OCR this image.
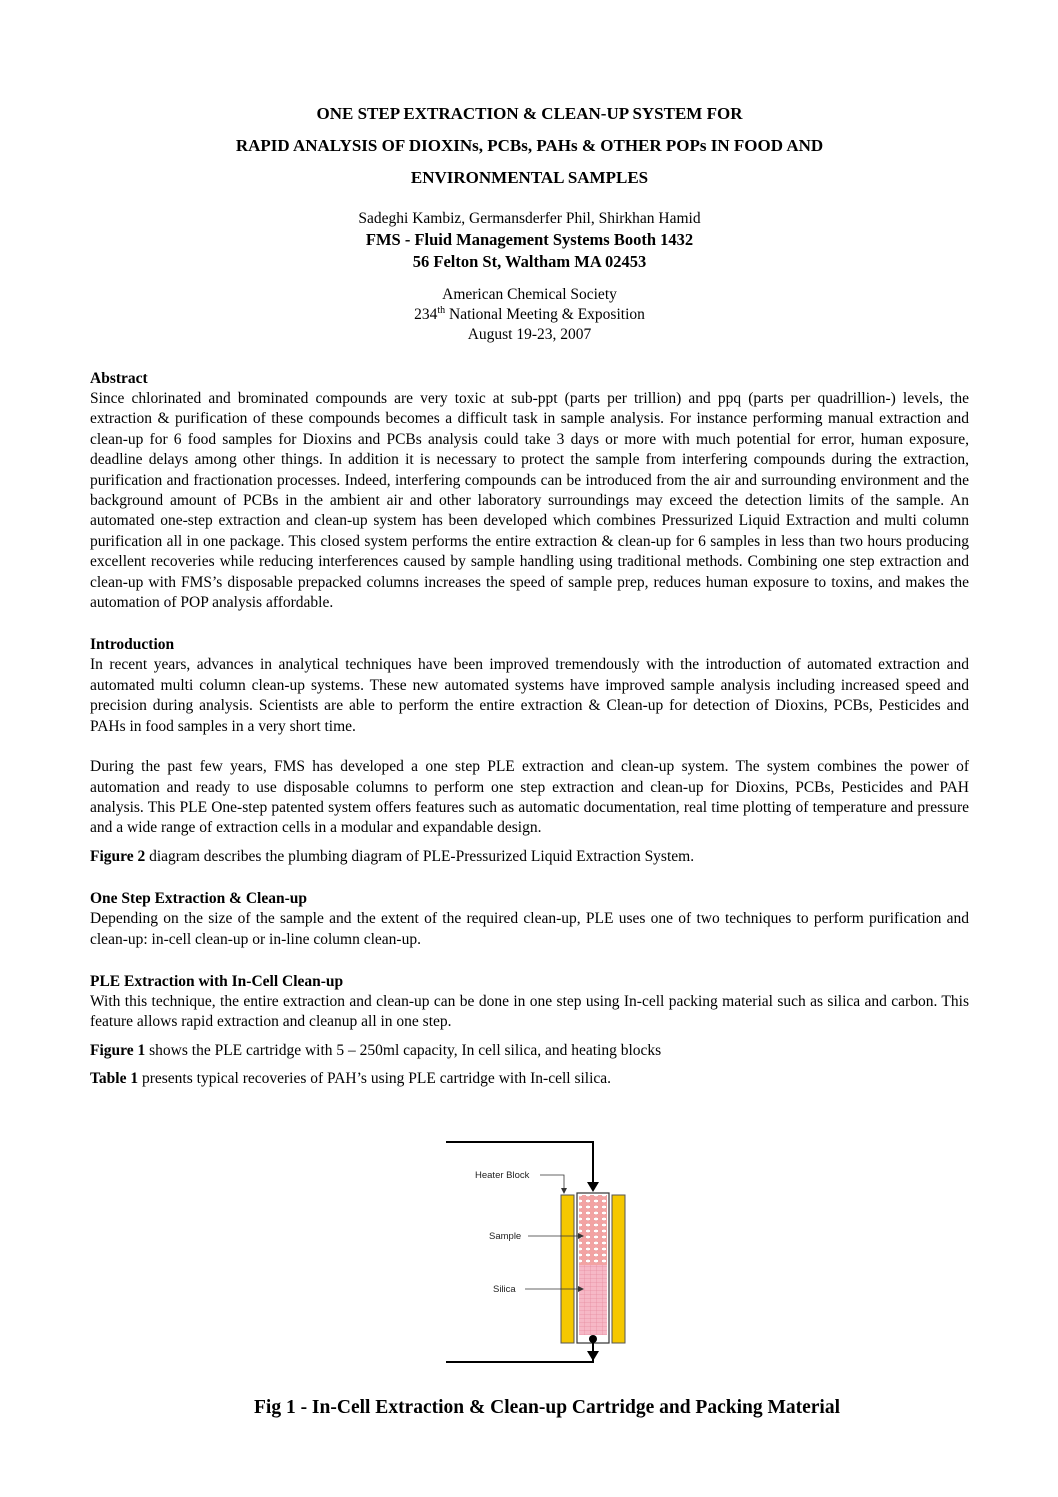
ONE STEP EXTRACTION & CLEAN-UP SYSTEM FOR

RAPID ANALYSIS OF DIOXINs, PCBs, PAHs & OTHER POPs IN FOOD AND

ENVIRONMENTAL SAMPLES

Sadeghi Kambiz, Germansderfer Phil, Shirkhan Hamid
FMS - Fluid Management Systems Booth 1432
56 Felton St, Waltham MA 02453
American Chemical Society
234th National Meeting & Exposition
August 19-23, 2007
Abstract

Since chlorinated and brominated compounds are very toxic at sub-ppt (parts per trillion) and ppq (parts per quadrillion-) levels, the extraction & purification of these compounds becomes a difficult task in sample analysis. For instance performing manual extraction and clean-up for 6 food samples for Dioxins and PCBs analysis could take 3 days or more with much potential for error, human exposure, deadline delays among other things. In addition it is necessary to protect the sample from interfering compounds during the extraction, purification and fractionation processes. Indeed, interfering compounds can be introduced from the air and surrounding environment and the background amount of PCBs in the ambient air and other laboratory surroundings may exceed the detection limits of the sample. An automated one-step extraction and clean-up system has been developed which combines Pressurized Liquid Extraction and multi column purification all in one package. This closed system performs the entire extraction & clean-up for 6 samples in less than two hours producing excellent recoveries while reducing interferences caused by sample handling using traditional methods. Combining one step extraction and clean-up with FMS’s disposable prepacked columns increases the speed of sample prep, reduces human exposure to toxins, and makes the automation of POP analysis affordable.

Introduction

In recent years, advances in analytical techniques have been improved tremendously with the introduction of automated extraction and automated multi column clean-up systems. These new automated systems have improved sample analysis including increased speed and precision during analysis. Scientists are able to perform the entire extraction & Clean-up for detection of Dioxins, PCBs, Pesticides and PAHs in food samples in a very short time.

During the past few years, FMS has developed a one step PLE extraction and clean-up system. The system combines the power of automation and ready to use disposable columns to perform one step extraction and clean-up for Dioxins, PCBs, Pesticides and PAH analysis. This PLE One-step patented system offers features such as automatic documentation, real time plotting of temperature and pressure and a wide range of extraction cells in a modular and expandable design.

Figure 2 diagram describes the plumbing diagram of PLE-Pressurized Liquid Extraction System.

One Step Extraction & Clean-up

Depending on the size of the sample and the extent of the required clean-up, PLE uses one of two techniques to perform purification and clean-up: in-cell clean-up or in-line column clean-up.

PLE Extraction with In-Cell Clean-up

With this technique, the entire extraction and clean-up can be done in one step using In-cell packing material such as silica and carbon. This feature allows rapid extraction and cleanup all in one step.

Figure 1 shows the PLE cartridge with 5 – 250ml capacity, In cell silica, and heating blocks

Table 1 presents typical recoveries of PAH’s using PLE cartridge with In-cell silica.

Heater Block
Sample
Silica
Fig 1 - In-Cell Extraction & Clean-up Cartridge and Packing Material
